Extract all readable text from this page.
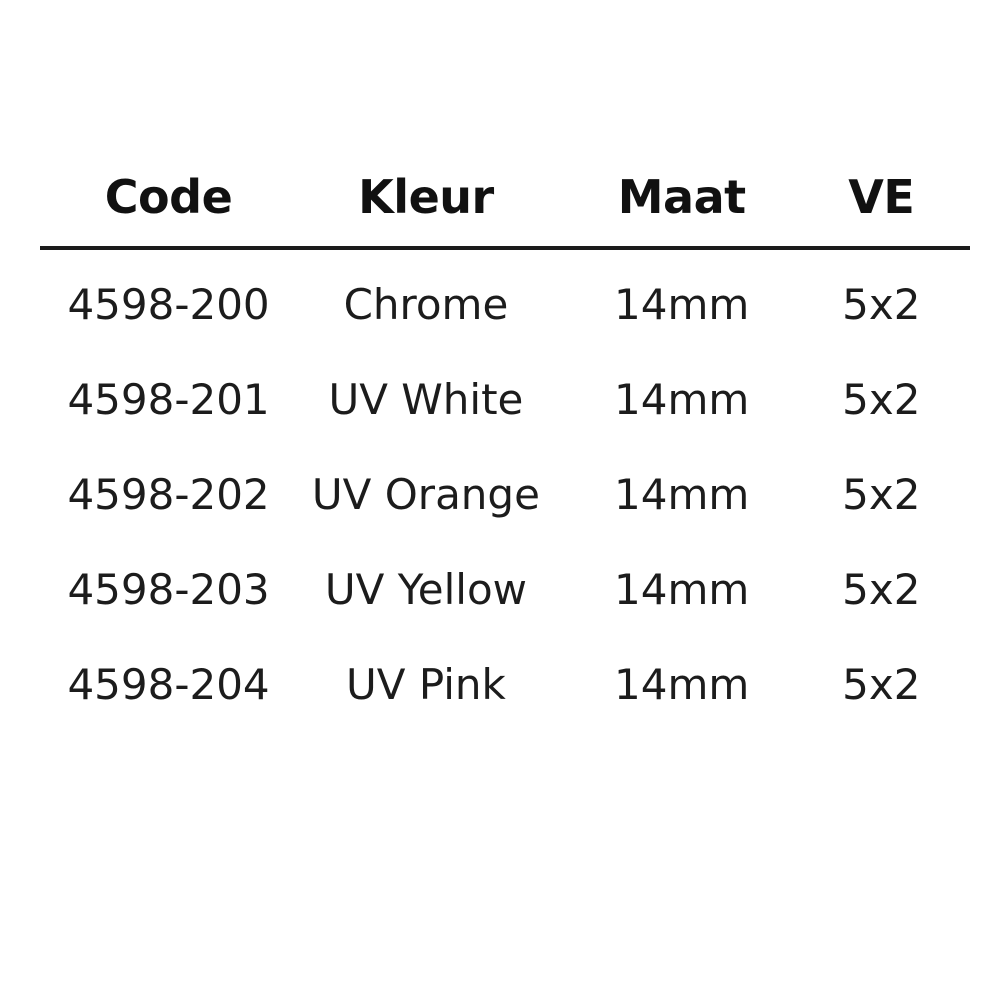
Code	Kleur	Maat	VE
4598-200	Chrome	14mm	5x2
4598-201	UV White	14mm	5x2
4598-202	UV Orange	14mm	5x2
4598-203	UV Yellow	14mm	5x2
4598-204	UV Pink	14mm	5x2
